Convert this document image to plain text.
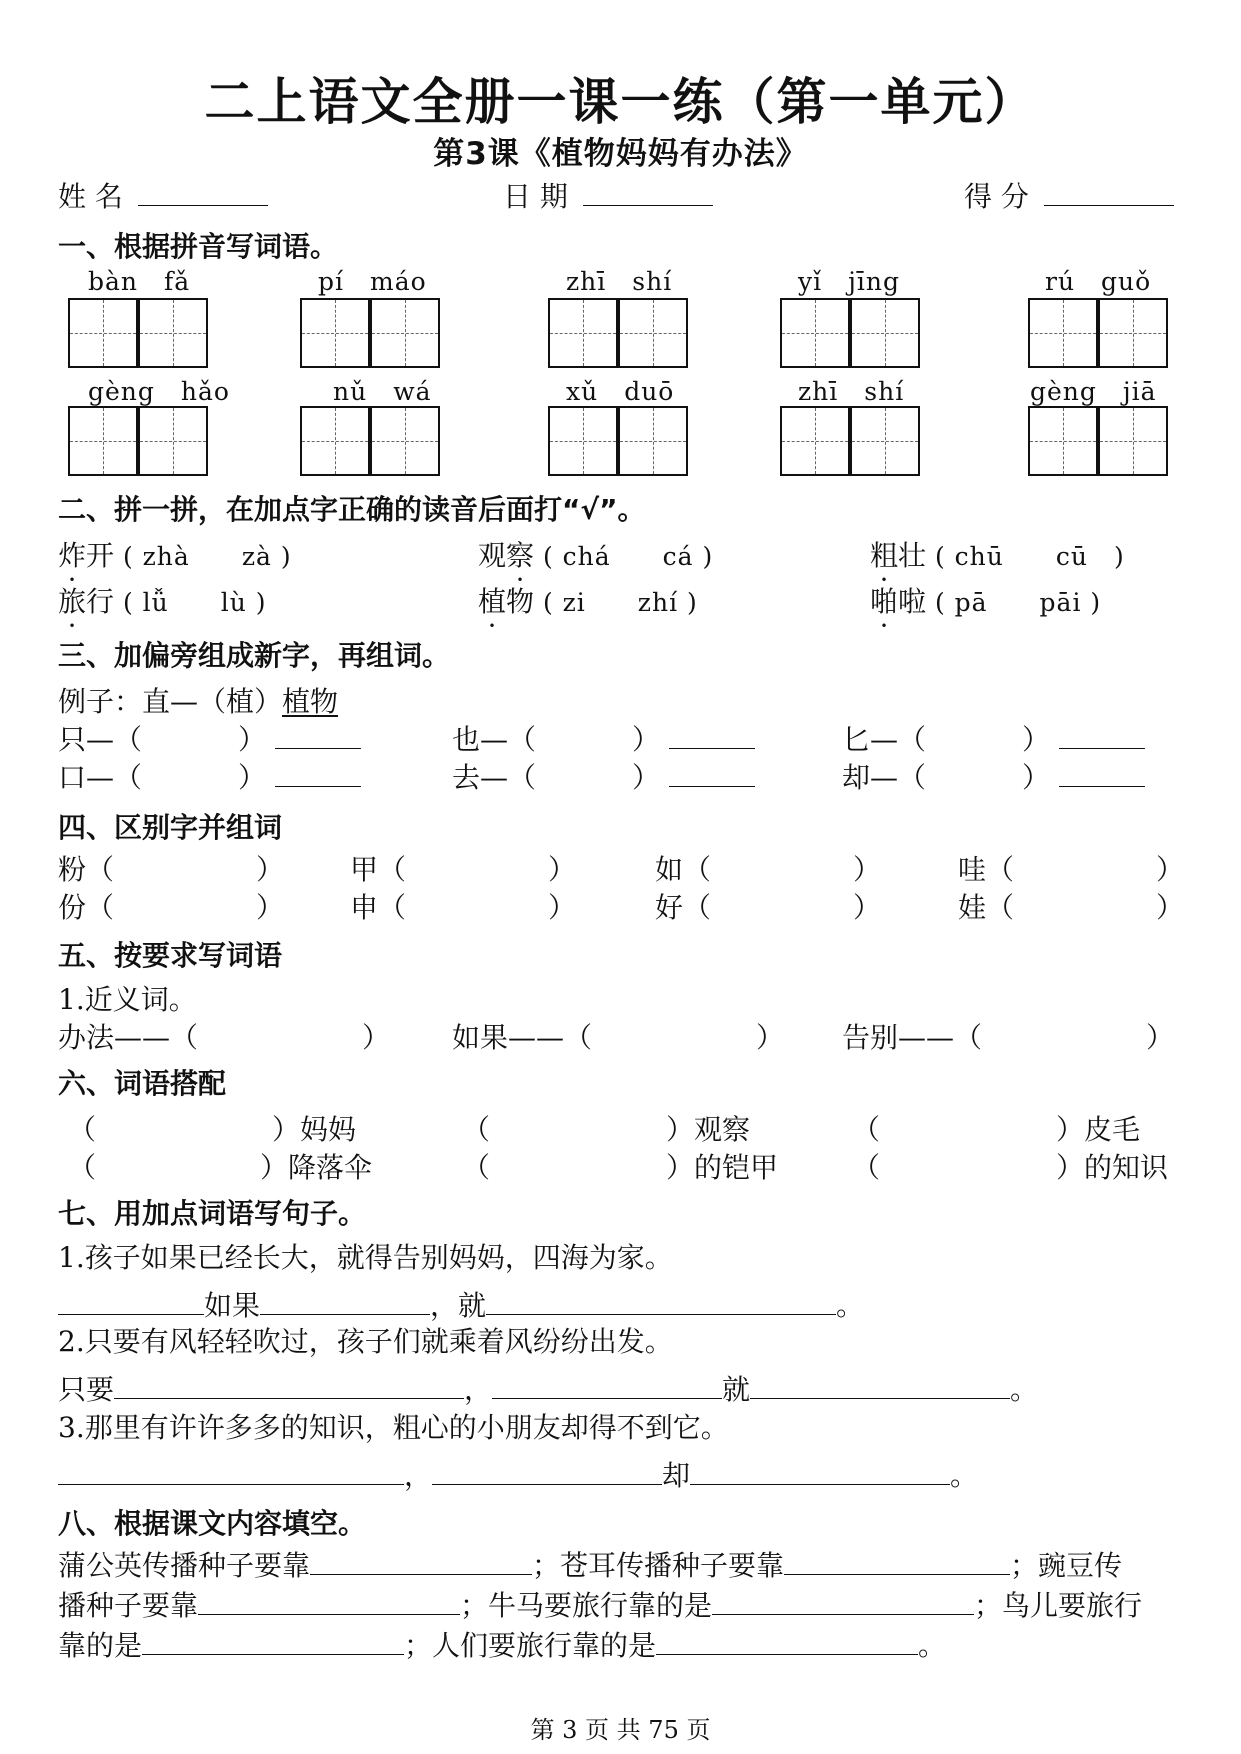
二上语文全册一课一练（第一单元）
第3课《植物妈妈有办法》
姓 名	日 期	得 分
一、根据拼音写词语。
bàn　fǎ	pí　máo	zhī　shí	yǐ　jīng	rú　guǒ
gèng　hǎo	nǔ　wá	xǔ　duō	zhī　shí	gèng　jiā
二、拼一拼，在加点字正确的读音后面打“√”。
炸开 ( zhà　　zà )	观察 ( chá　　cá )	粗壮 ( chū　　cū　)
旅行 ( lǚ　　lù )	植物 ( zi　　zhí )	啪啦 ( pā　　pāi )
三、加偏旁组成新字，再组词。
例子：直—（植）植物
只—（	）	也—（	）	匕—（	）
口—（	）	去—（	）	却—（	）
四、区别字并组词
粉（	） 甲（	）	如（	）	哇（	）
份（	） 申（	）	好（	）	娃（	）
五、按要求写词语
1.近义词。
办法——（	） 如果——（	） 告别——（	）
六、词语搭配
（	）妈妈	（	）观察	（	）皮毛
（	）降落伞	（	）的铠甲	（	）的知识
七、用加点词语写句子。
1.孩子如果已经长大，就得告别妈妈，四海为家。
如果	，就	。
2.只要有风轻轻吹过，孩子们就乘着风纷纷出发。
只要	，	就	。
3.那里有许许多多的知识，粗心的小朋友却得不到它。
，	却	。
八、根据课文内容填空。
蒲公英传播种子要靠	；苍耳传播种子要靠	；豌豆传
播种子要靠	；牛马要旅行靠的是	；鸟儿要旅行
靠的是	；人们要旅行靠的是	。
第 3 页 共 75 页
